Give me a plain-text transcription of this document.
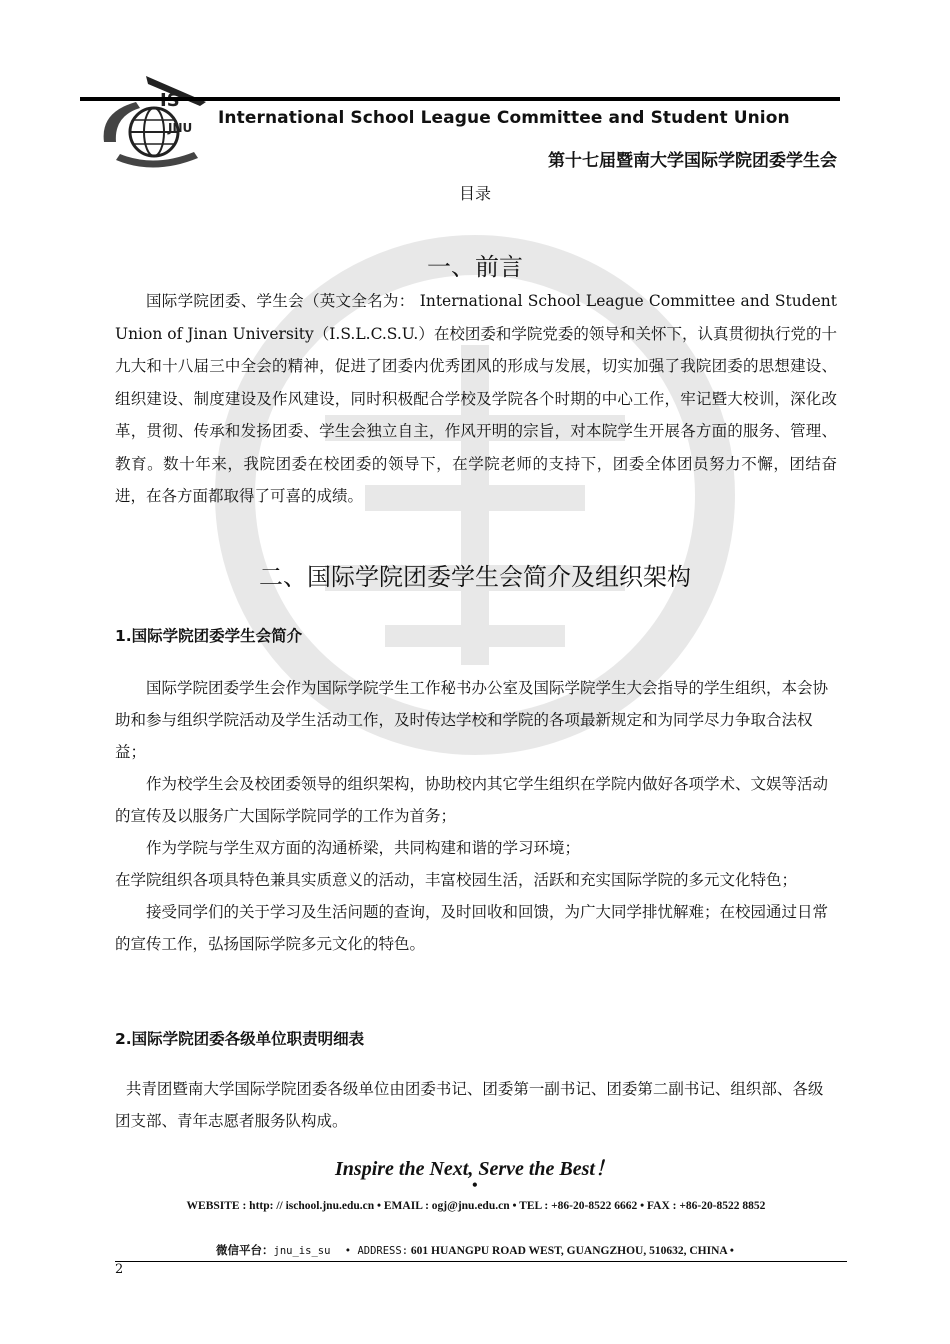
JNU International School League Committee and Student Union
第十七届暨南大学国际学院团委学生会
目录
一、前言
国际学院团委、学生会（英文全名为： International School League Committee and Student Union of Jinan University（I.S.L.C.S.U.）在校团委和学院党委的领导和关怀下，认真贯彻执行党的十九大和十八届三中全会的精神，促进了团委内优秀团风的形成与发展，切实加强了我院团委的思想建设、组织建设、制度建设及作风建设，同时积极配合学校及学院各个时期的中心工作，牢记暨大校训，深化改革，贯彻、传承和发扬团委、学生会独立自主，作风开明的宗旨，对本院学生开展各方面的服务、管理、教育。数十年来，我院团委在校团委的领导下，在学院老师的支持下，团委全体团员努力不懈，团结奋进，在各方面都取得了可喜的成绩。
二、国际学院团委学生会简介及组织架构
1.国际学院团委学生会简介
国际学院团委学生会作为国际学院学生工作秘书办公室及国际学院学生大会指导的学生组织，本会协助和参与组织学院活动及学生活动工作，及时传达学校和学院的各项最新规定和为同学尽力争取合法权益；
作为校学生会及校团委领导的组织架构，协助校内其它学生组织在学院内做好各项学术、文娱等活动的宣传及以服务广大国际学院同学的工作为首务；
作为学院与学生双方面的沟通桥梁，共同构建和谐的学习环境；
在学院组织各项具特色兼具实质意义的活动，丰富校园生活，活跃和充实国际学院的多元文化特色；
接受同学们的关于学习及生活问题的查询，及时回收和回馈，为广大同学排忧解难；在校园通过日常的宣传工作，弘扬国际学院多元文化的特色。
2.国际学院团委各级单位职责明细表
共青团暨南大学国际学院团委各级单位由团委书记、团委第一副书记、团委第二副书记、组织部、各级团支部、青年志愿者服务队构成。
Inspire the Next, Serve the Best！
•
WEBSITE : http: // ischool.jnu.edu.cn • EMAIL : ogj@jnu.edu.cn • TEL : +86-20-8522 6662 • FAX : +86-20-8522 8852
微信平台：jnu_is_su • ADDRESS: 601 HUANGPU ROAD WEST, GUANGZHOU, 510632, CHINA •
2
